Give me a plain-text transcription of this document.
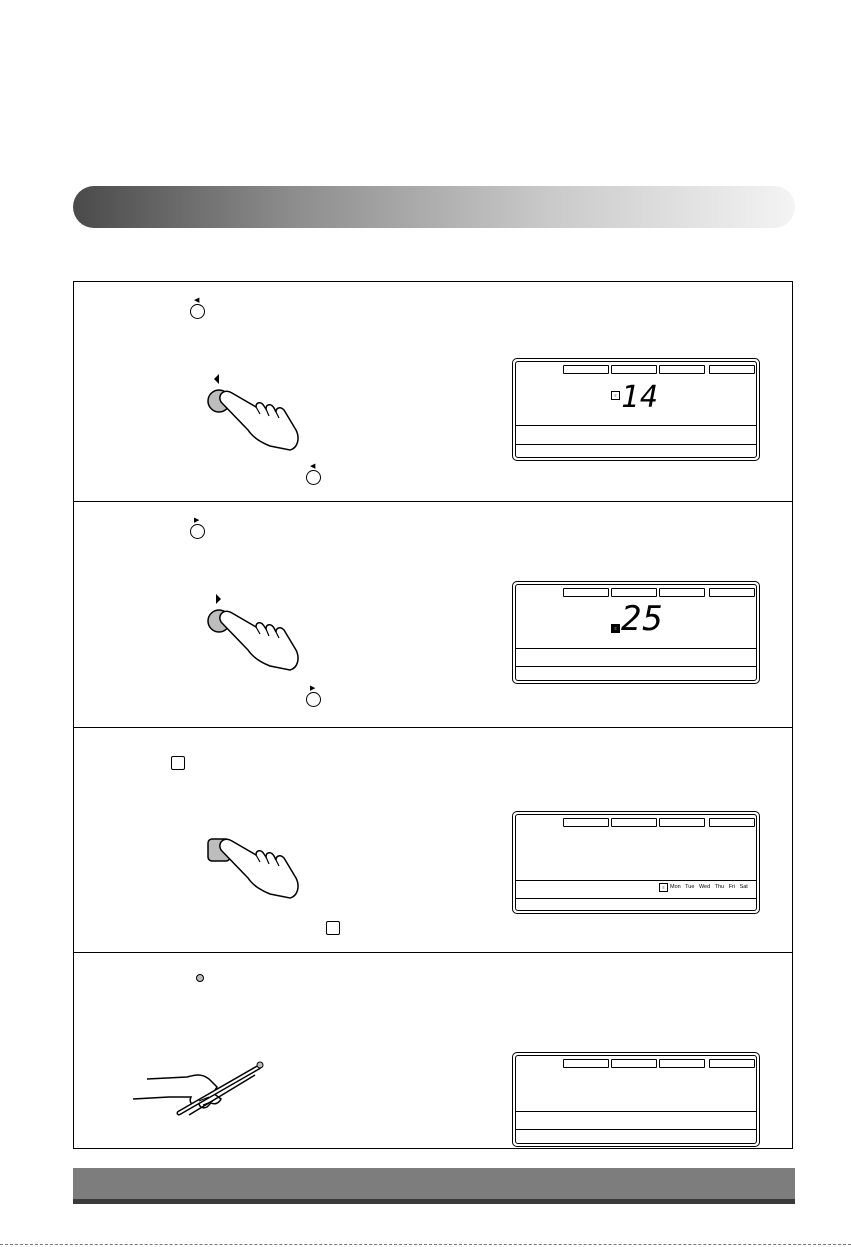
◀
◀
≡ 14
▶
▶
≡ 25
≡ Mon Tue Wed Thu Fri Sat
